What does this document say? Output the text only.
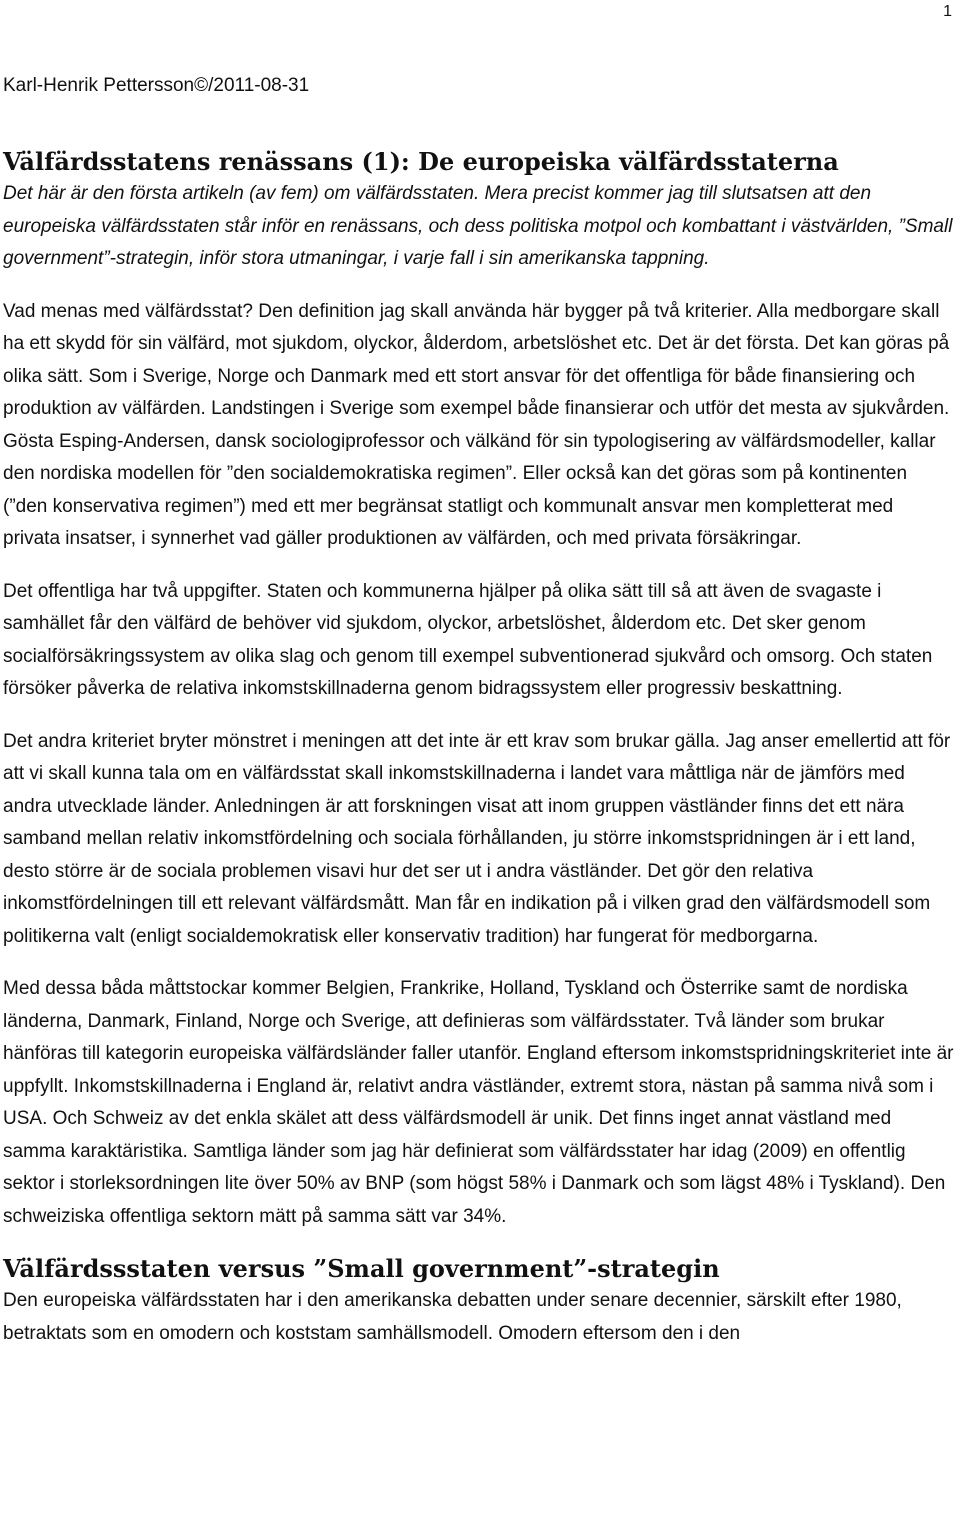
1
Karl-Henrik Pettersson©/2011-08-31
Välfärdsstatens renässans (1): De europeiska välfärdsstaterna

Det här är den första artikeln (av fem) om välfärdsstaten. Mera precist kommer jag till slutsatsen att den europeiska välfärdsstaten står inför en renässans, och dess politiska motpol och kombattant i västvärlden, ”Small government”-strategin, inför stora utmaningar, i varje fall i sin amerikanska tappning.

Vad menas med välfärdsstat? Den definition jag skall använda här bygger på två kriterier. Alla medborgare skall ha ett skydd för sin välfärd, mot sjukdom, olyckor, ålderdom, arbetslöshet etc. Det är det första. Det kan göras på olika sätt. Som i Sverige, Norge och Danmark med ett stort ansvar för det offentliga för både finansiering och produktion av välfärden. Landstingen i Sverige som exempel både finansierar och utför det mesta av sjukvården. Gösta Esping-Andersen, dansk sociologiprofessor och välkänd för sin typologisering av välfärdsmodeller, kallar den nordiska modellen för ”den socialdemokratiska regimen”. Eller också kan det göras som på kontinenten (”den konservativa regimen”) med ett mer begränsat statligt och kommunalt ansvar men kompletterat med privata insatser, i synnerhet vad gäller produktionen av välfärden, och med privata försäkringar.

Det offentliga har två uppgifter. Staten och kommunerna hjälper på olika sätt till så att även de svagaste i samhället får den välfärd de behöver vid sjukdom, olyckor, arbetslöshet, ålderdom etc. Det sker genom socialförsäkringssystem av olika slag och genom till exempel subventionerad sjukvård och omsorg. Och staten försöker påverka de relativa inkomstskillnaderna genom bidragssystem eller progressiv beskattning.

Det andra kriteriet bryter mönstret i meningen att det inte är ett krav som brukar gälla. Jag anser emellertid att för att vi skall kunna tala om en välfärdsstat skall inkomstskillnaderna i landet vara måttliga när de jämförs med andra utvecklade länder. Anledningen är att forskningen visat att inom gruppen västländer finns det ett nära samband mellan relativ inkomstfördelning och sociala förhållanden, ju större inkomstspridningen är i ett land, desto större är de sociala problemen visavi hur det ser ut i andra västländer. Det gör den relativa inkomstfördelningen till ett relevant välfärdsmått. Man får en indikation på i vilken grad den välfärdsmodell som politikerna valt (enligt socialdemokratisk eller konservativ tradition) har fungerat för medborgarna.

Med dessa båda måttstockar kommer Belgien, Frankrike, Holland, Tyskland och Österrike samt de nordiska länderna, Danmark, Finland, Norge och Sverige, att definieras som välfärdsstater. Två länder som brukar hänföras till kategorin europeiska välfärdsländer faller utanför. England eftersom inkomstspridningskriteriet inte är uppfyllt. Inkomstskillnaderna i England är, relativt andra västländer, extremt stora, nästan på samma nivå som i USA. Och Schweiz av det enkla skälet att dess välfärdsmodell är unik. Det finns inget annat västland med samma karaktäristika. Samtliga länder som jag här definierat som välfärdsstater har idag (2009) en offentlig sektor i storleksordningen lite över 50% av BNP (som högst 58% i Danmark och som lägst 48% i Tyskland). Den schweiziska offentliga sektorn mätt på samma sätt var 34%.

Välfärdssstaten versus ”Small government”-strategin

Den europeiska välfärdsstaten har i den amerikanska debatten under senare decennier, särskilt efter 1980, betraktats som en omodern och koststam samhällsmodell. Omodern eftersom den i den
